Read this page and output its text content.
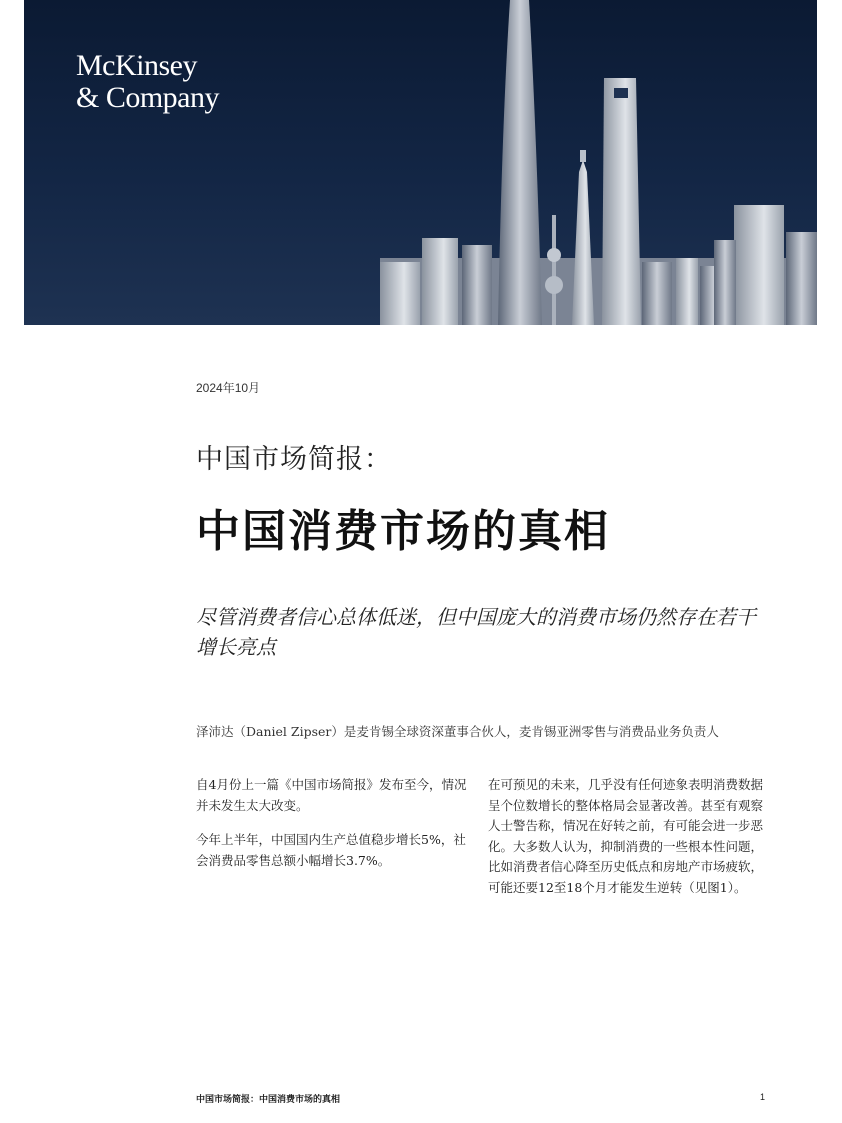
McKinsey
& Company
2024年10月
中国市场简报：
中国消费市场的真相
尽管消费者信心总体低迷，但中国庞大的消费市场仍然存在若干增长亮点
泽沛达（Daniel Zipser）是麦肯锡全球资深董事合伙人，麦肯锡亚洲零售与消费品业务负责人

自4月份上一篇《中国市场简报》发布至今，情况并未发生太大改变。

今年上半年，中国国内生产总值稳步增长5%，社会消费品零售总额小幅增长3.7%。

在可预见的未来，几乎没有任何迹象表明消费数据呈个位数增长的整体格局会显著改善。甚至有观察人士警告称，情况在好转之前，有可能会进一步恶化。大多数人认为，抑制消费的一些根本性问题，比如消费者信心降至历史低点和房地产市场疲软，可能还要12至18个月才能发生逆转（见图1）。

中国市场简报：中国消费市场的真相	1
